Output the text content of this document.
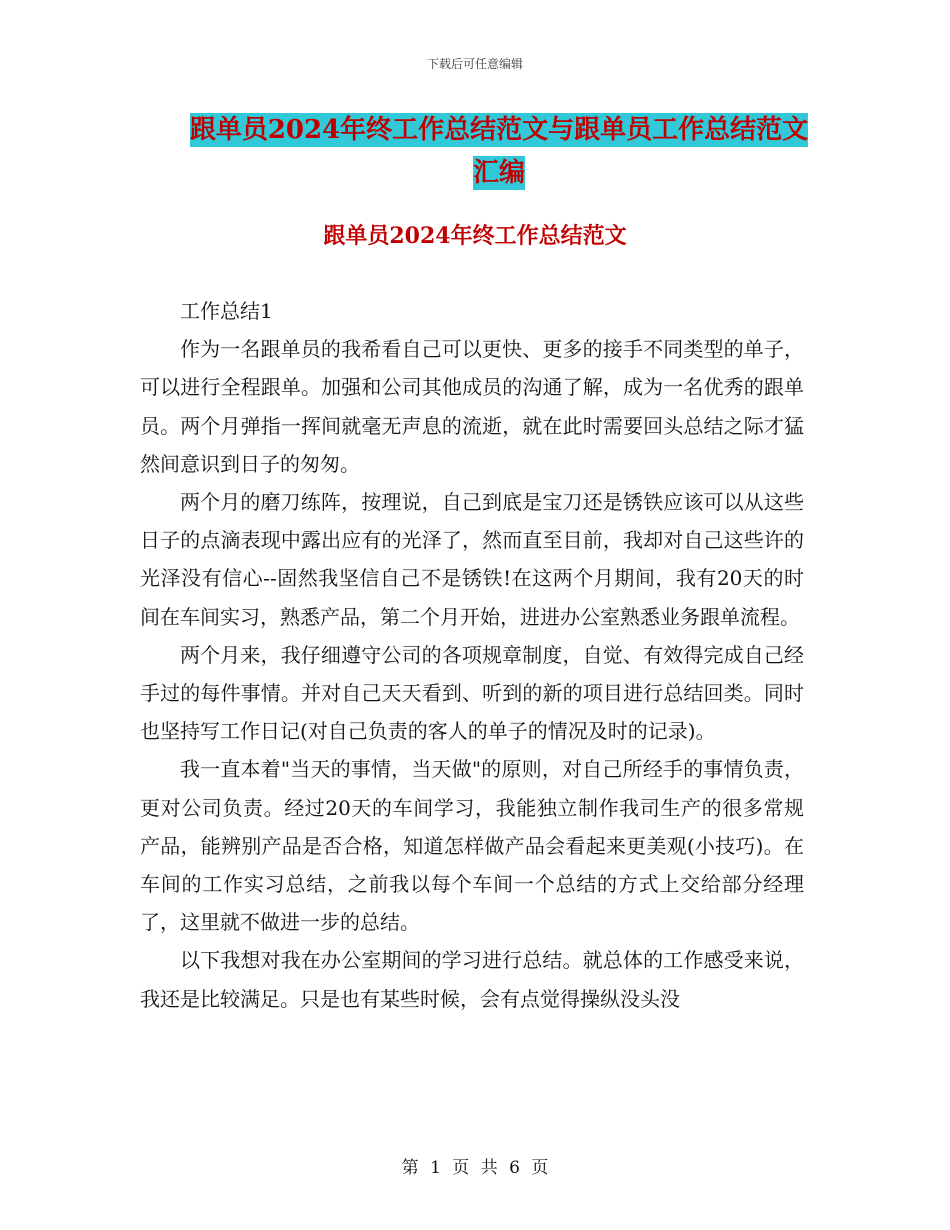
下载后可任意编辑
跟单员2024年终工作总结范文与跟单员工作总结范文
汇编
跟单员2024年终工作总结范文

工作总结1

作为一名跟单员的我希看自己可以更快、更多的接手不同类型的单子，可以进行全程跟单。加强和公司其他成员的沟通了解，成为一名优秀的跟单员。两个月弹指一挥间就毫无声息的流逝，就在此时需要回头总结之际才猛然间意识到日子的匆匆。

两个月的磨刀练阵，按理说，自己到底是宝刀还是锈铁应该可以从这些日子的点滴表现中露出应有的光泽了，然而直至目前，我却对自己这些许的光泽没有信心--固然我坚信自己不是锈铁!在这两个月期间，我有20天的时间在车间实习，熟悉产品，第二个月开始，进进办公室熟悉业务跟单流程。

两个月来，我仔细遵守公司的各项规章制度，自觉、有效得完成自己经手过的每件事情。并对自己天天看到、听到的新的项目进行总结回类。同时也坚持写工作日记(对自己负责的客人的单子的情况及时的记录)。

我一直本着"当天的事情，当天做"的原则，对自己所经手的事情负责，更对公司负责。经过20天的车间学习，我能独立制作我司生产的很多常规产品，能辨别产品是否合格，知道怎样做产品会看起来更美观(小技巧)。在车间的工作实习总结，之前我以每个车间一个总结的方式上交给部分经理了，这里就不做进一步的总结。

以下我想对我在办公室期间的学习进行总结。就总体的工作感受来说，我还是比较满足。只是也有某些时候，会有点觉得操纵没头没

第 1 页 共 6 页
